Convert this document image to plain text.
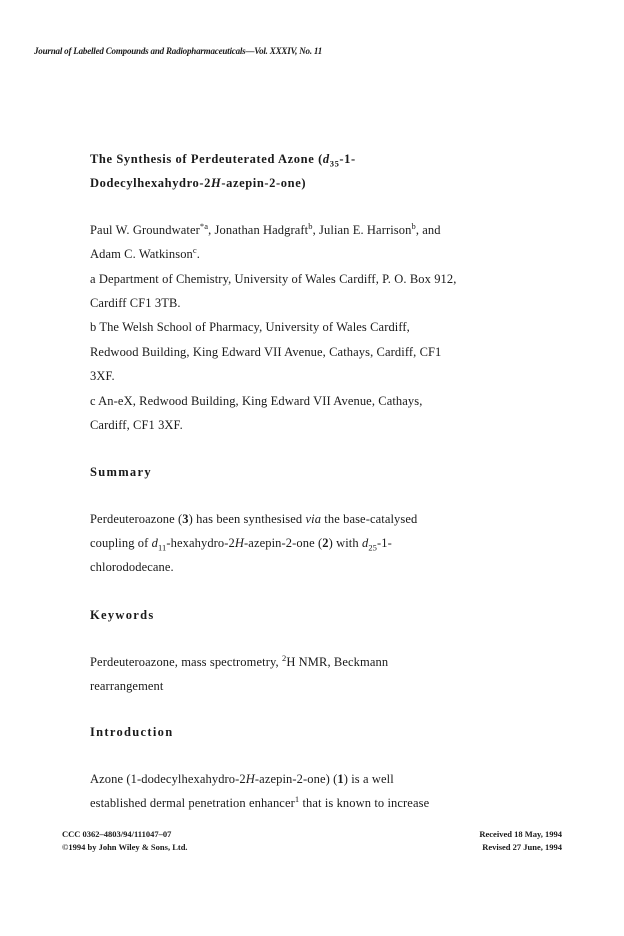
Journal of Labelled Compounds and Radiopharmaceuticals—Vol. XXXIV, No. 11
The Synthesis of Perdeuterated Azone ($d_{35}-1-$
Dodecylhexahydro-2H-azepin-2-one)
Paul W. Groundwater$^{*a}$, Jonathan Hadgraft$^b$, Julian E. Harrison$^b$, and
Adam C. Watkinson$^c$.
a Department of Chemistry, University of Wales Cardiff, P. O. Box 912,
Cardiff CF1 3TB.
b The Welsh School of Pharmacy, University of Wales Cardiff,
Redwood Building, King Edward VII Avenue, Cathays, Cardiff, CF1
3XF.
c An-eX, Redwood Building, King Edward VII Avenue, Cathays,
Cardiff, CF1 3XF.
Summary
Perdeuteroazone (3) has been synthesised via the base-catalysed
coupling of $d_{11}-hexahydro-2H-azepin-2$-one (2) with $d_{25}-1-$
chlorododecane.
Keywords
Perdeuteroazone, mass spectrometry, $^2$H NMR, Beckmann
rearrangement
Introduction
Azone (1-dodecylhexahydro-2H-azepin-2-one) (1) is a well
established dermal penetration enhancer$^1$ that is known to increase
CCC 0362–4803/94/111047–07
©1994 by John Wiley & Sons, Ltd.
Received 18 May, 1994
Revised 27 June, 1994
